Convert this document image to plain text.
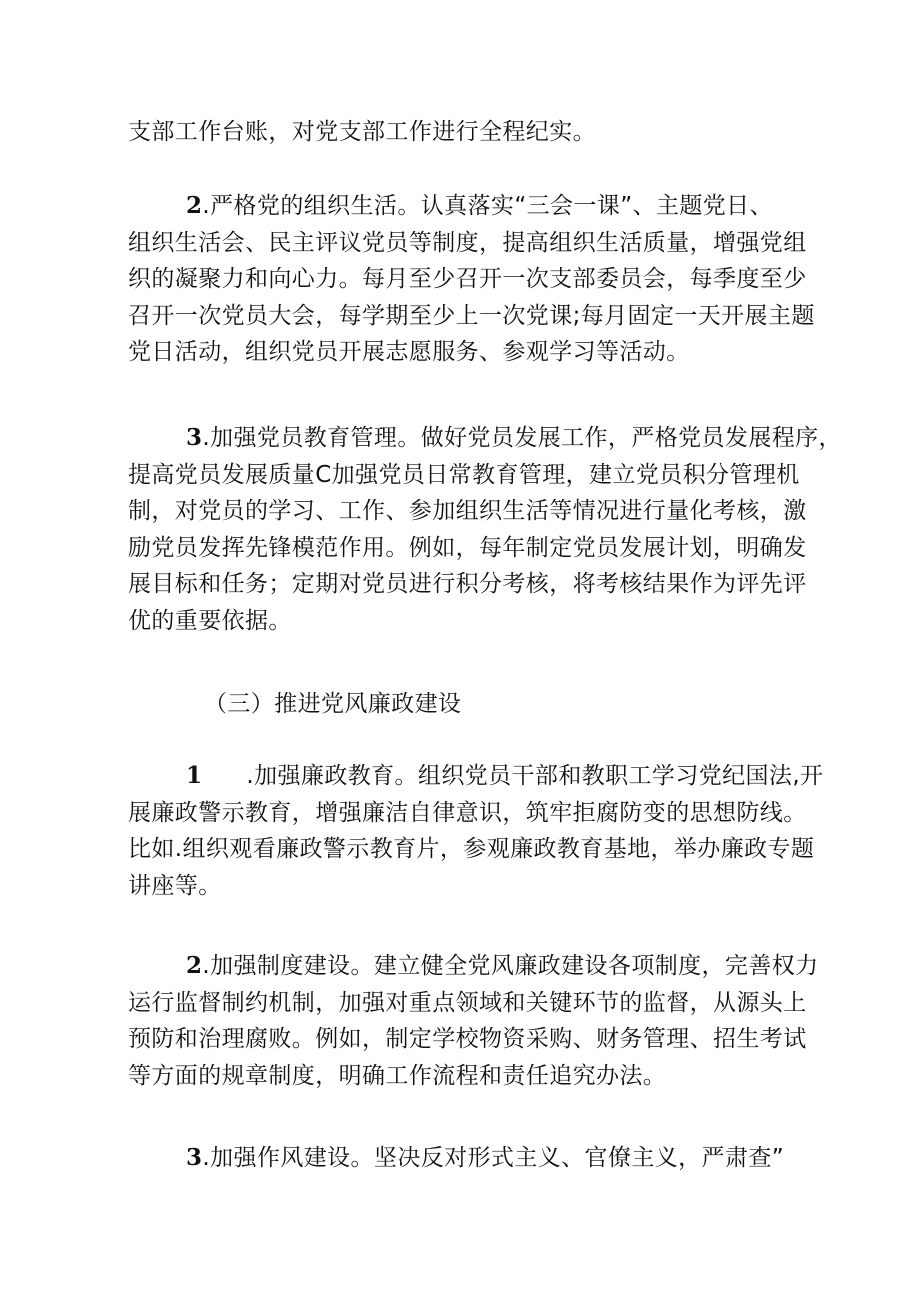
支部工作台账，对党支部工作进行全程纪实。

2.严格党的组织生活。认真落实“三会一课”、主题党日、
组织生活会、民主评议党员等制度，提高组织生活质量，增强党组
织的凝聚力和向心力。每月至少召开一次支部委员会，每季度至少
召开一次党员大会，每学期至少上一次党课;每月固定一天开展主题
党日活动，组织党员开展志愿服务、参观学习等活动。

3.加强党员教育管理。做好党员发展工作，严格党员发展程序，
提高党员发展质量C加强党员日常教育管理，建立党员积分管理机
制，对党员的学习、工作、参加组织生活等情况进行量化考核，激
励党员发挥先锋模范作用。例如，每年制定党员发展计划，明确发
展目标和任务；定期对党员进行积分考核，将考核结果作为评先评
优的重要依据。

（三）推进党风廉政建设

1 .加强廉政教育。组织党员干部和教职工学习党纪国法,开
展廉政警示教育，增强廉洁自律意识，筑牢拒腐防变的思想防线。
比如.组织观看廉政警示教育片，参观廉政教育基地，举办廉政专题
讲座等。

2.加强制度建设。建立健全党风廉政建设各项制度，完善权力
运行监督制约机制，加强对重点领域和关键环节的监督，从源头上
预防和治理腐败。例如，制定学校物资采购、财务管理、招生考试
等方面的规章制度，明确工作流程和责任追究办法。

3.加强作风建设。坚决反对形式主义、官僚主义，严肃查”
